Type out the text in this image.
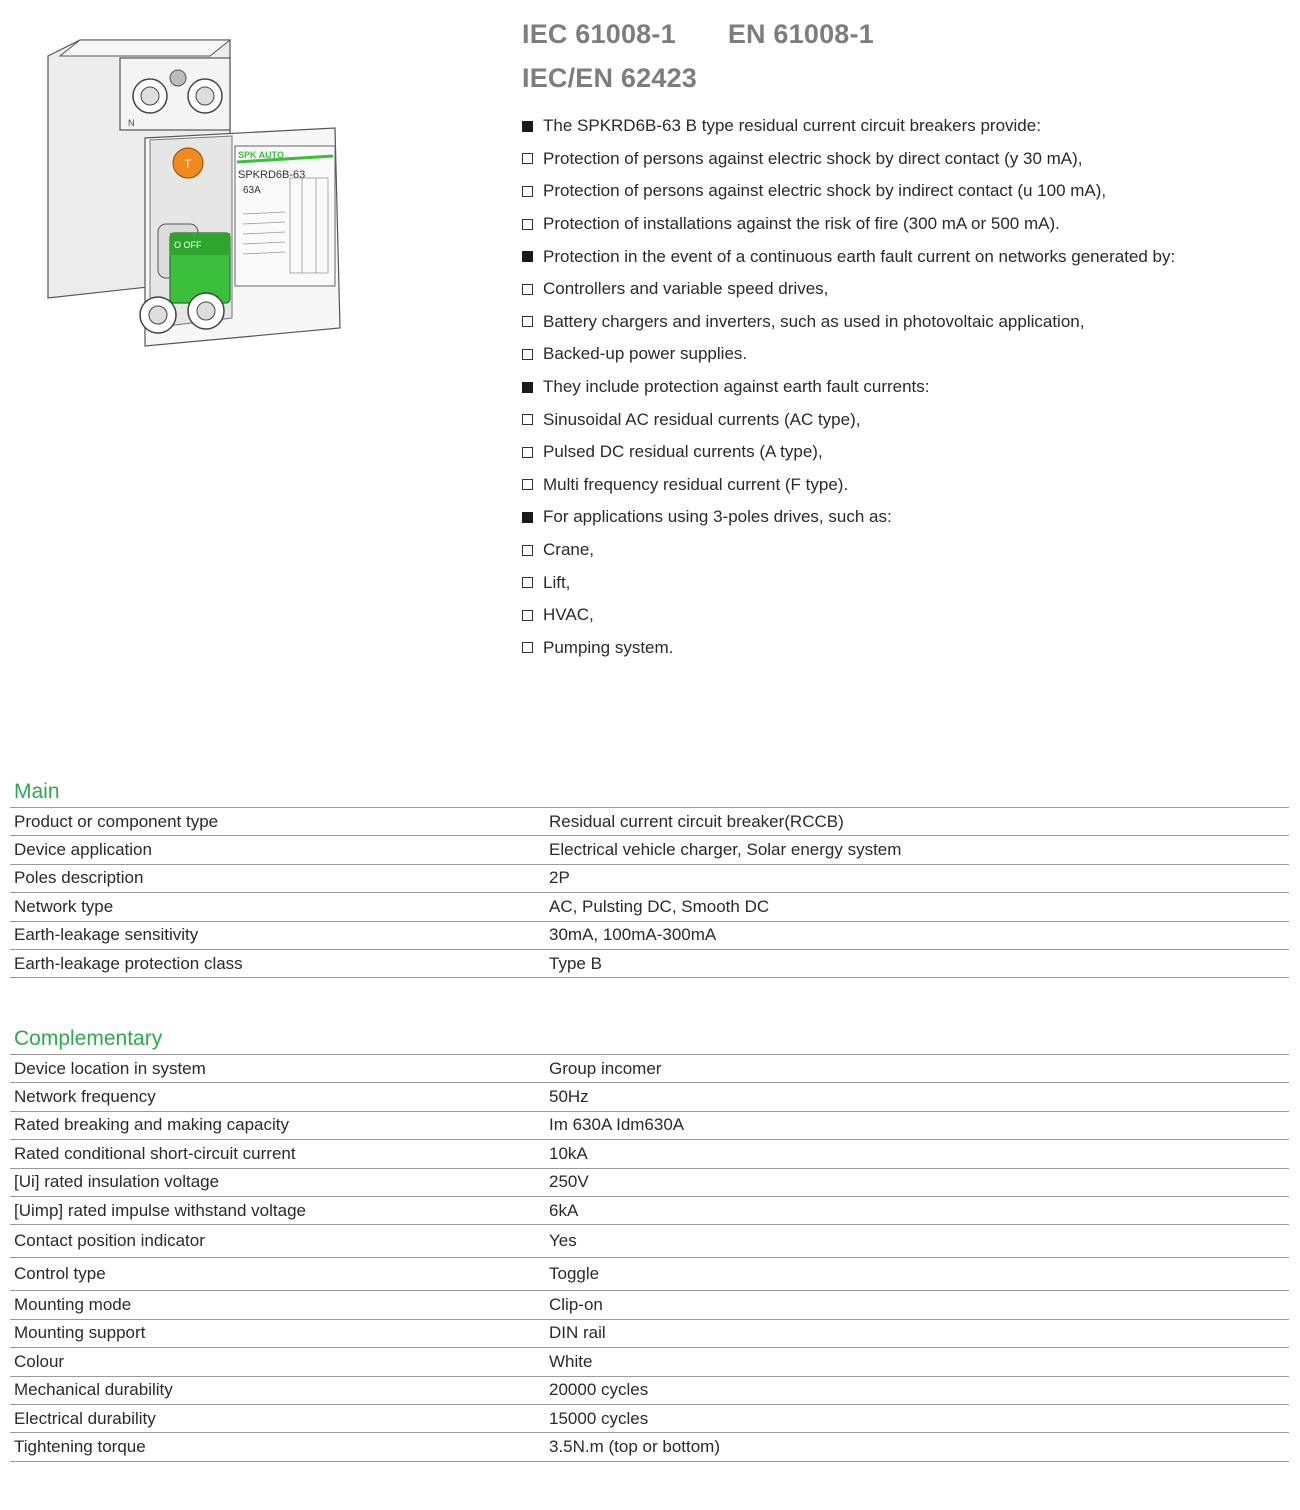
N
SPK AUTO
SPKRD6B-63
63A
T
O OFF
IEC 61008-1 EN 61008-1
IEC/EN 62423
The SPKRD6B-63 B type residual current circuit breakers provide:
Protection of persons against electric shock by direct contact (y 30 mA),
Protection of persons against electric shock by indirect contact (u 100 mA),
Protection of installations against the risk of fire (300 mA or 500 mA).
Protection in the event of a continuous earth fault current on networks generated by:
Controllers and variable speed drives,
Battery chargers and inverters, such as used in photovoltaic application,
Backed-up power supplies.
They include protection against earth fault currents:
Sinusoidal AC residual currents (AC type),
Pulsed DC residual currents (A type),
Multi frequency residual current (F type).
For applications using 3-poles drives, such as:
Crane,
Lift,
HVAC,
Pumping system.
Main
Product or component type	Residual current circuit breaker(RCCB)
Device application	Electrical vehicle charger, Solar energy system
Poles description	2P
Network type	AC, Pulsting DC, Smooth DC
Earth-leakage sensitivity	30mA, 100mA-300mA
Earth-leakage protection class	Type B
Complementary
Device location in system	Group incomer
Network frequency	50Hz
Rated breaking and making capacity	Im 630A Idm630A
Rated conditional short-circuit current	10kA
[Ui] rated insulation voltage	250V
[Uimp] rated impulse withstand voltage	6kA
Contact position indicator	Yes
Control type	Toggle
Mounting mode	Clip-on
Mounting support	DIN rail
Colour	White
Mechanical durability	20000 cycles
Electrical durability	15000 cycles
Tightening torque	3.5N.m (top or bottom)
